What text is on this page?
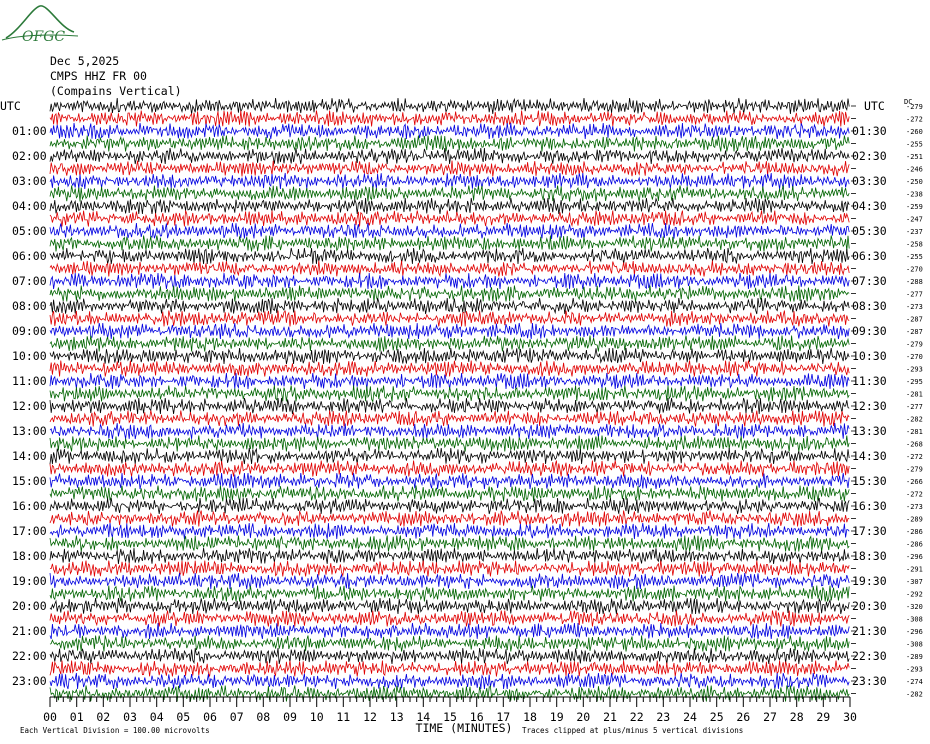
OFGC
Dec 5,2025
CMPS HHZ FR 00
(Compains Vertical)
-279
-272
-260
-255
-251
-246
-250
-238
-259
-247
-237
-258
-255
-270
-288
-277
-273
-287
-287
-279
-270
-293
-295
-281
-277
-282
-281
-268
-272
-279
-266
-272
-273
-289
-286
-286
-296
-291
-307
-292
-320
-308
-296
-308
-289
-293
-274
-282
UTC	UTC	DC
01:00
02:00
03:00
04:00
05:00
06:00
07:00
08:00
09:00
10:00
11:00
12:00
13:00
14:00
15:00
16:00
17:00
18:00
19:00
20:00
21:00
22:00
23:00
01:30
02:30
03:30
04:30
05:30
06:30
07:30
08:30
09:30
10:30
11:30
12:30
13:30
14:30
15:30
16:30
17:30
18:30
19:30
20:30
21:30
22:30
23:30
00 01 02 03 04 05 06 07 08 09 10 11 12 13 14 15 16 17 18 19 20 21 22 23 24 25 26 27 28 29 30
TIME (MINUTES)
Each Vertical Division = 100.00 microvolts	Traces clipped at plus/minus 5 vertical divisions
